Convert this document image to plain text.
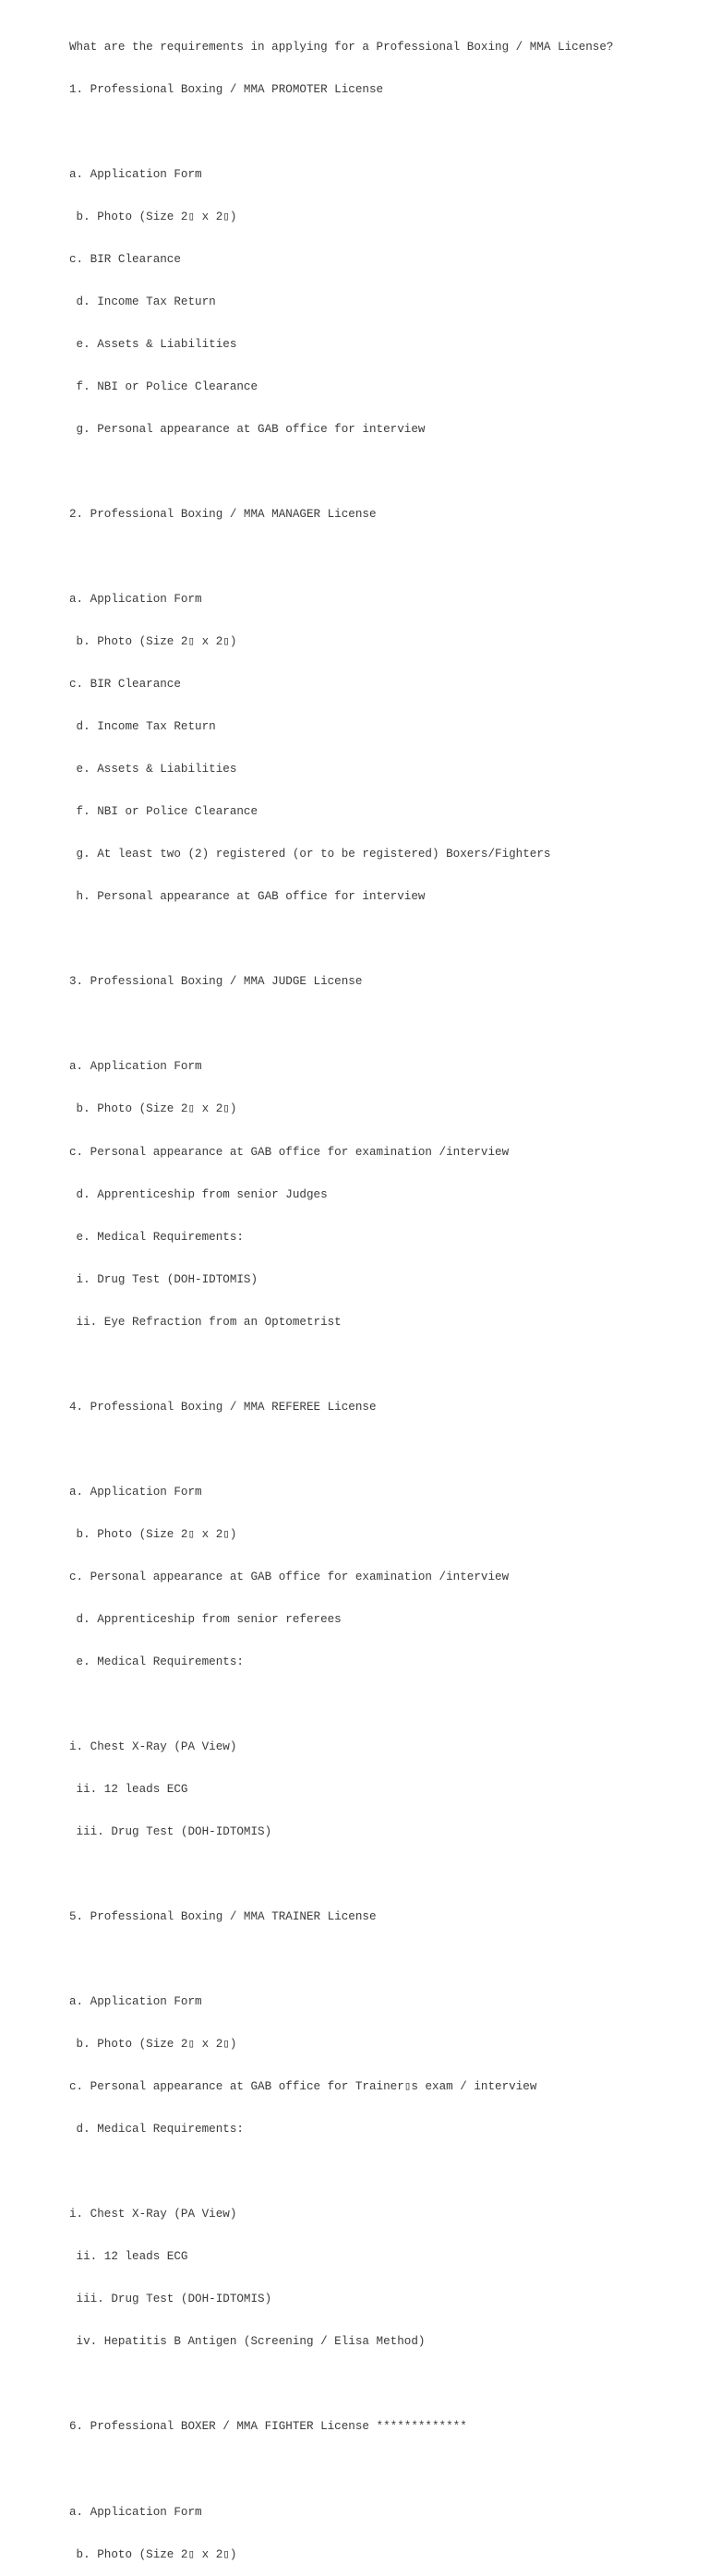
What are the requirements in applying for a Professional Boxing / MMA License?

1. Professional Boxing / MMA PROMOTER License

a. Application Form

b. Photo (Size 2▯ x 2▯)

c. BIR Clearance

d. Income Tax Return

e. Assets & Liabilities

f. NBI or Police Clearance

g. Personal appearance at GAB office for interview

2. Professional Boxing / MMA MANAGER License

a. Application Form

b. Photo (Size 2▯ x 2▯)

c. BIR Clearance

d. Income Tax Return

e. Assets & Liabilities

f. NBI or Police Clearance

g. At least two (2) registered (or to be registered) Boxers/Fighters

h. Personal appearance at GAB office for interview

3. Professional Boxing / MMA JUDGE License

a. Application Form

b. Photo (Size 2▯ x 2▯)

c. Personal appearance at GAB office for examination /interview

d. Apprenticeship from senior Judges

e. Medical Requirements:

i. Drug Test (DOH-IDTOMIS)

ii. Eye Refraction from an Optometrist

4. Professional Boxing / MMA REFEREE License

a. Application Form

b. Photo (Size 2▯ x 2▯)

c. Personal appearance at GAB office for examination /interview

d. Apprenticeship from senior referees

e. Medical Requirements:

i. Chest X-Ray (PA View)

ii. 12 leads ECG

iii. Drug Test (DOH-IDTOMIS)

5. Professional Boxing / MMA TRAINER License

a. Application Form

b. Photo (Size 2▯ x 2▯)

c. Personal appearance at GAB office for Trainer▯s exam / interview

d. Medical Requirements:

i. Chest X-Ray (PA View)

ii. 12 leads ECG

iii. Drug Test (DOH-IDTOMIS)

iv. Hepatitis B Antigen (Screening / Elisa Method)

6. Professional BOXER / MMA FIGHTER License *************

a. Application Form

b. Photo (Size 2▯ x 2▯)
